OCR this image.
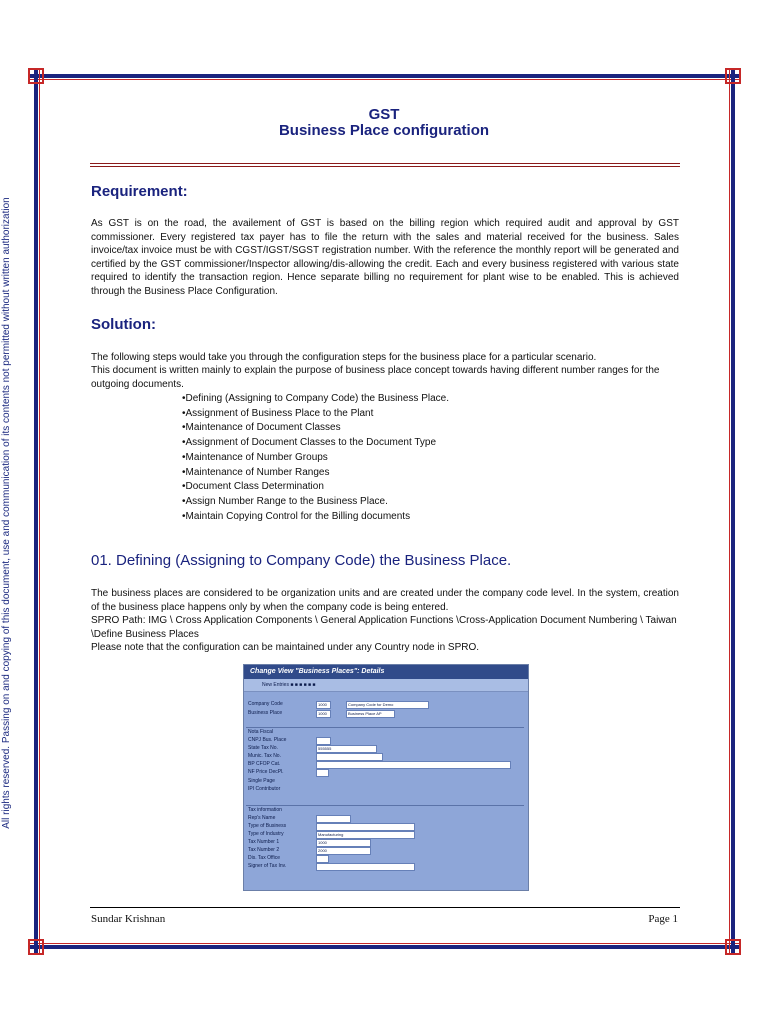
All rights reserved. Passing on and copying of this document, use and communication of its contents not permitted without written authorization
GST
Business Place configuration
Requirement:
As GST is on the road, the availement of GST is based on the billing region which required audit and approval by GST commissioner. Every registered tax payer has to file the return with the sales and material received for the business. Sales invoice/tax invoice must be with CGST/IGST/SGST registration number. With the reference the monthly report will be generated and certified by the GST commissioner/Inspector allowing/dis-allowing the credit. Each and every business registered with various state required to identify the transaction region. Hence separate billing no requirement for plant wise to be enabled. This is achieved through the Business Place Configuration.
Solution:
The following steps would take you through the configuration steps for the business place for a particular scenario.
This document is written mainly to explain the purpose of business place concept towards having different number ranges for the outgoing documents.
• Defining (Assigning to Company Code) the Business Place.
• Assignment of Business Place to the Plant
• Maintenance of Document Classes
• Assignment of Document Classes to the Document Type
• Maintenance of Number Groups
• Maintenance of Number Ranges
• Document Class Determination
• Assign Number Range to the Business Place.
• Maintain Copying Control for the Billing documents
01. Defining (Assigning to Company Code) the Business Place.
The business places are considered to be organization units and are created under the company code level. In the system, creation of the business place happens only by when the company code is being entered.
SPRO Path: IMG \ Cross Application Components \ General Application Functions \Cross-Application Document Numbering \ Taiwan \Define Business Places
Please note that the configuration can be maintained under any Country node in SPRO.
Change View "Business Places": Details
New Entries ■ ■ ■ ■ ■ ■
Company Code	1000	Company Code for Demo
Business Place	1000	Business Place AP
Nota Fiscal
CNPJ Bus. Place
State Tax No.	555555
Munic. Tax No.
BP CFOP Cat.
NF Price DecPl.
Single Page
IPI Contributor
Tax information
Rep's Name
Type of Business
Type of Industry	Manufacturing
Tax Number 1	1000
Tax Number 2	2000
Dis. Tax Office
Signer of Tax Inv.
Sundar Krishnan	Page 1
